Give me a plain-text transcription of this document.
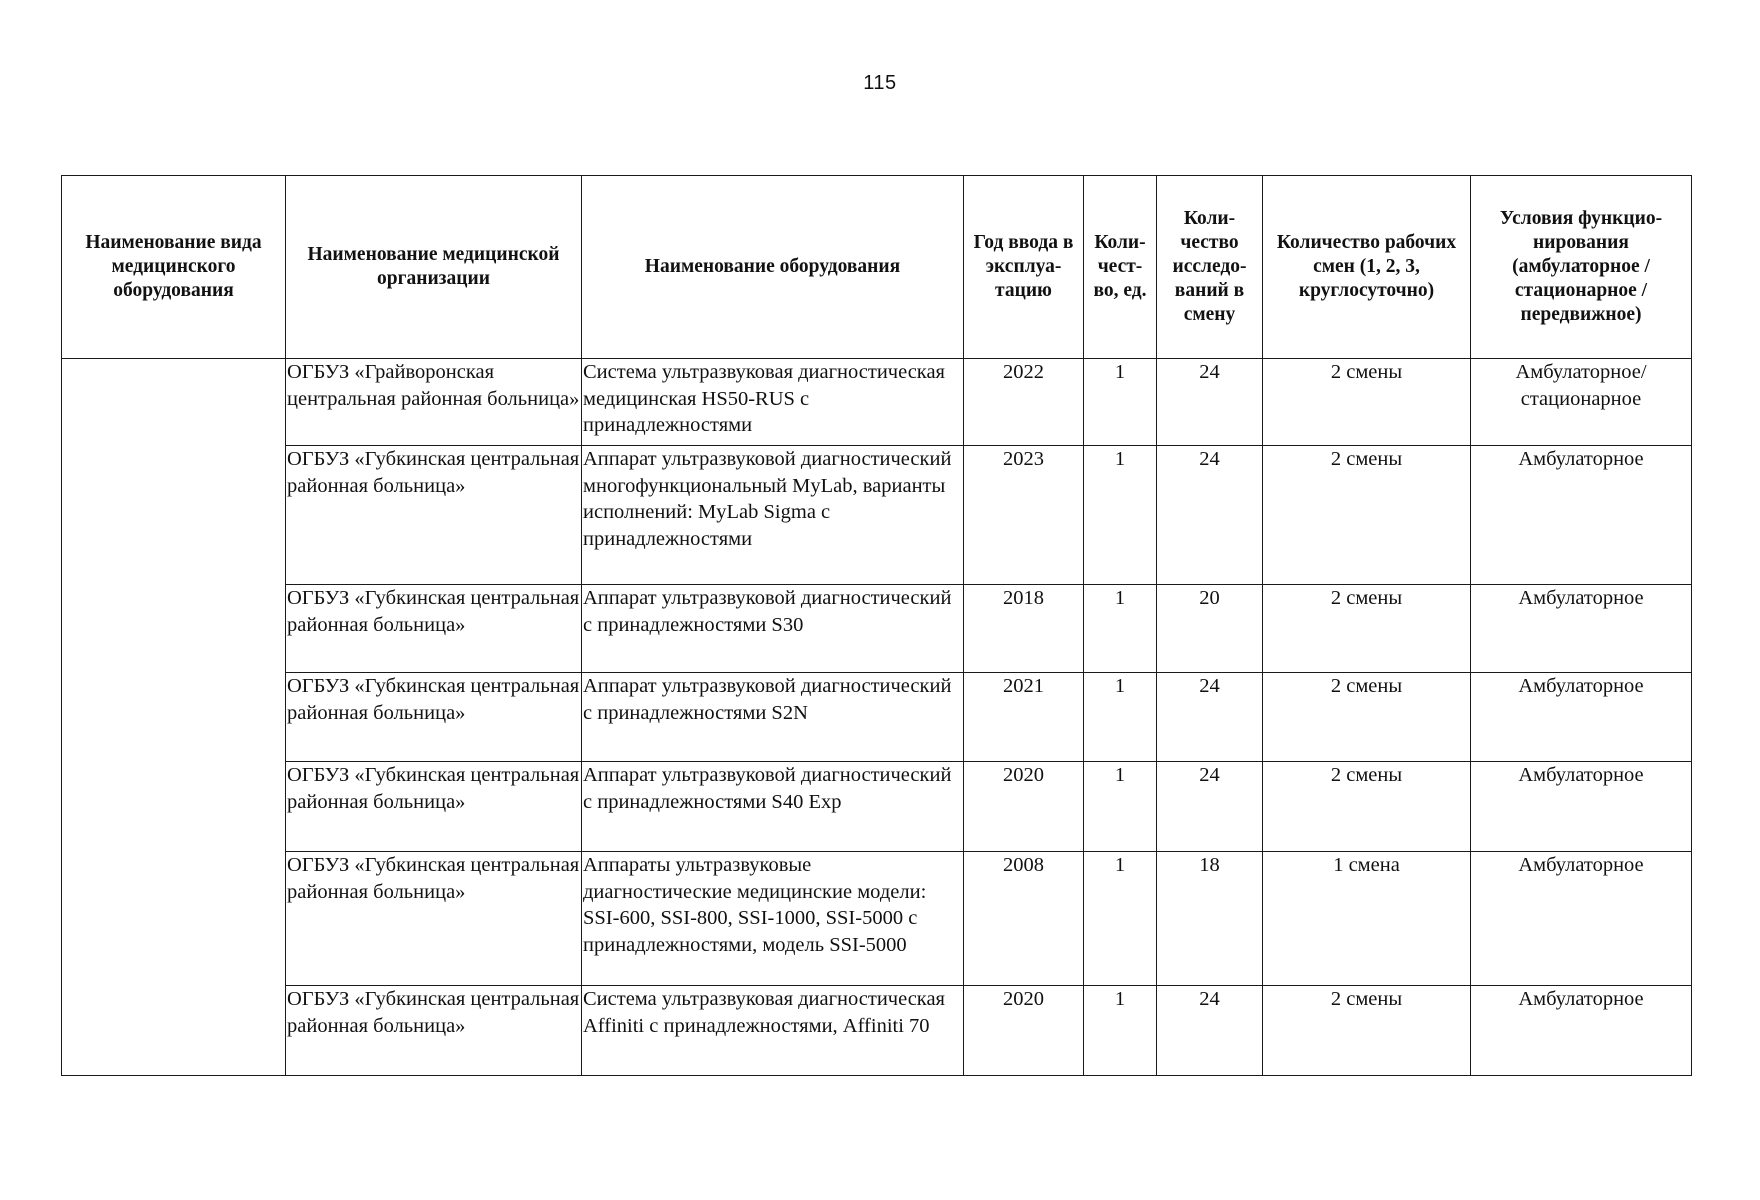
115
Наименование вида медицинского оборудования	Наименование медицинской организации	Наименование оборудования	Год ввода в эксплуа-тацию	Коли-чест-во, ед.	Коли-чество исследо-ваний в смену	Количество рабочих смен (1, 2, 3, круглосуточно)	Условия функцио-нирования (амбулаторное / стационарное / передвижное)
	ОГБУЗ «Грайворонская центральная районная больница»	Система ультразвуковая диагностическая медицинская HS50-RUS с принадлежностями	2022	1	24	2 смены	Амбулаторное/ стационарное
	ОГБУЗ «Губкинская центральная районная больница»	Аппарат ультразвуковой диагностический многофункциональный MyLab, варианты исполнений: MyLab Sigma с принадлежностями	2023	1	24	2 смены	Амбулаторное
	ОГБУЗ «Губкинская центральная районная больница»	Аппарат ультразвуковой диагностический с принадлежностями S30	2018	1	20	2 смены	Амбулаторное
	ОГБУЗ «Губкинская центральная районная больница»	Аппарат ультразвуковой диагностический с принадлежностями S2N	2021	1	24	2 смены	Амбулаторное
	ОГБУЗ «Губкинская центральная районная больница»	Аппарат ультразвуковой диагностический с принадлежностями S40 Exp	2020	1	24	2 смены	Амбулаторное
	ОГБУЗ «Губкинская центральная районная больница»	Аппараты ультразвуковые диагностические медицинские модели: SSI-600, SSI-800, SSI-1000, SSI-5000 с принадлежностями, модель SSI-5000	2008	1	18	1 смена	Амбулаторное
	ОГБУЗ «Губкинская центральная районная больница»	Система ультразвуковая диагностическая Affiniti с принадлежностями, Affiniti 70	2020	1	24	2 смены	Амбулаторное
